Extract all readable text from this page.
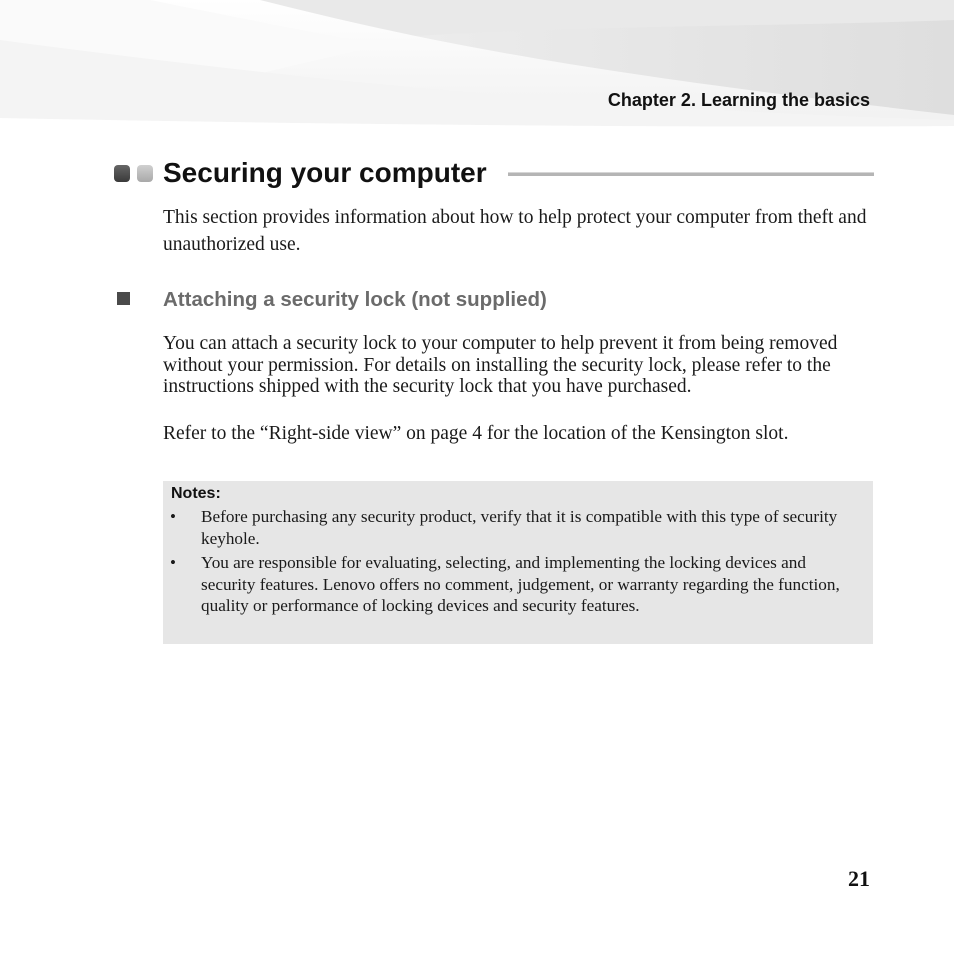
Chapter 2. Learning the basics
Securing your computer

This section provides information about how to help protect your computer from theft and unauthorized use.

Attaching a security lock (not supplied)

You can attach a security lock to your computer to help prevent it from being removed without your permission. For details on installing the security lock, please refer to the instructions shipped with the security lock that you have purchased.

Refer to the “Right-side view” on page 4 for the location of the Kensington slot.

Notes:
• Before purchasing any security product, verify that it is compatible with this type of security keyhole.

• You are responsible for evaluating, selecting, and implementing the locking devices and security features. Lenovo offers no comment, judgement, or warranty regarding the function, quality or performance of locking devices and security features.

21
